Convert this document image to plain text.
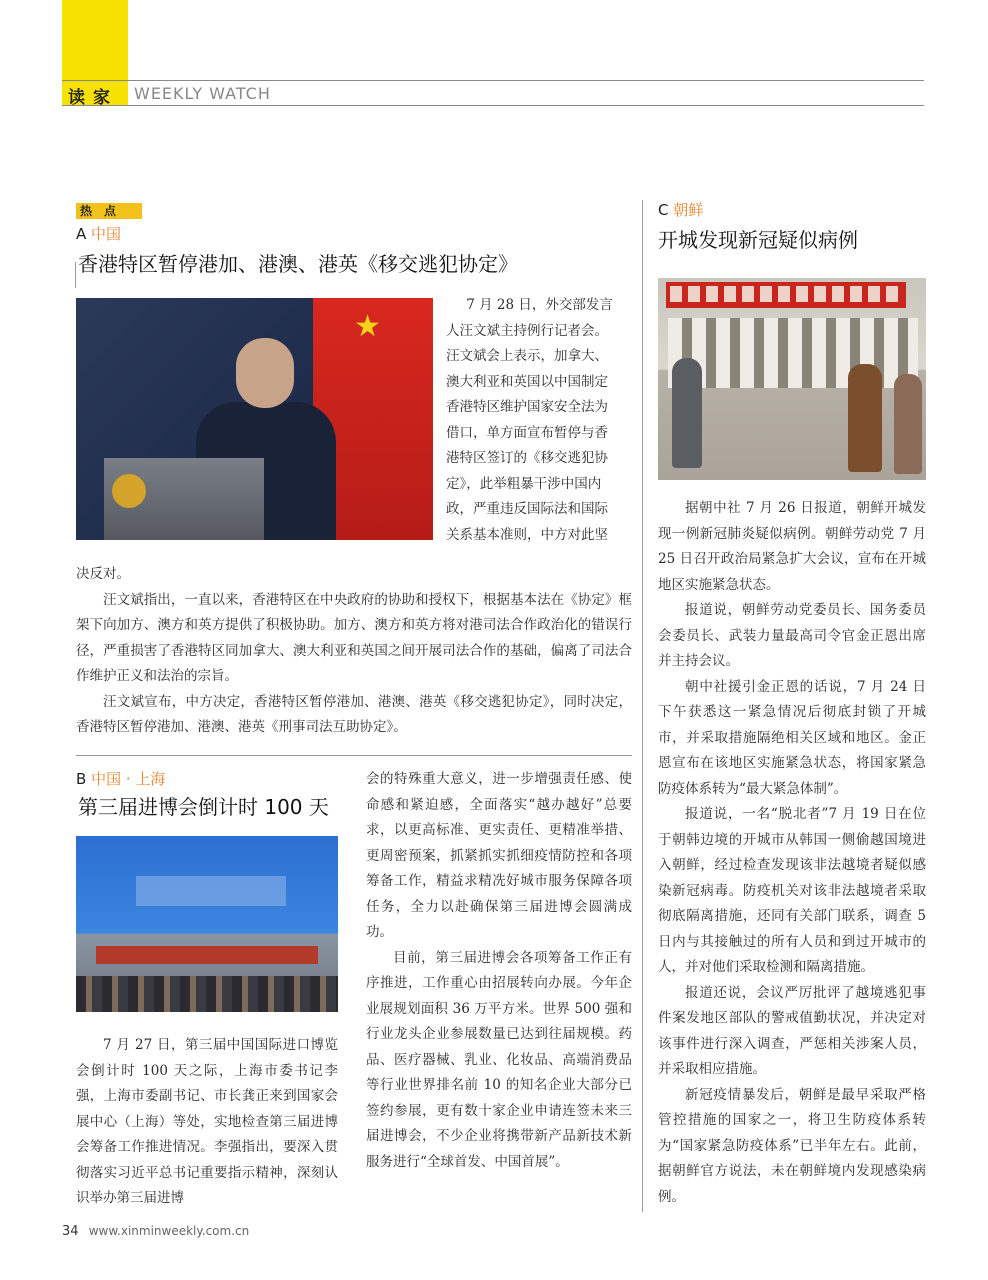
读家	WEEKLY WATCH
热点
A 中国
香港特区暂停港加、港澳、港英《移交逃犯协定》
★

7 月 28 日，外交部发言

人汪文斌主持例行记者会。

汪文斌会上表示，加拿大、

澳大利亚和英国以中国制定

香港特区维护国家安全法为

借口，单方面宣布暂停与香

港特区签订的《移交逃犯协

定》，此举粗暴干涉中国内

政，严重违反国际法和国际

关系基本准则，中方对此坚

决反对。

汪文斌指出，一直以来，香港特区在中央政府的协助和授权下，根据基本法在《协定》框架下向加方、澳方和英方提供了积极协助。加方、澳方和英方将对港司法合作政治化的错误行径，严重损害了香港特区同加拿大、澳大利亚和英国之间开展司法合作的基础，偏离了司法合作维护正义和法治的宗旨。

汪文斌宣布，中方决定，香港特区暂停港加、港澳、港英《移交逃犯协定》，同时决定，香港特区暂停港加、港澳、港英《刑事司法互助协定》。

B 中国 · 上海
第三届进博会倒计时 100 天

7 月 27 日，第三届中国国际进口博览会倒计时 100 天之际，上海市委书记李强，上海市委副书记、市长龚正来到国家会展中心（上海）等处，实地检查第三届进博会筹备工作推进情况。李强指出，要深入贯彻落实习近平总书记重要指示精神，深刻认识举办第三届进博

会的特殊重大意义，进一步增强责任感、使命感和紧迫感，全面落实“越办越好”总要求，以更高标准、更实责任、更精准举措、更周密预案，抓紧抓实抓细疫情防控和各项筹备工作，精益求精冼好城市服务保障各项任务，全力以赴确保第三届进博会圆满成功。

目前，第三届进博会各项筹备工作正有序推进，工作重心由招展转向办展。今年企业展规划面积 36 万平方米。世界 500 强和行业龙头企业参展数量已达到往届规模。药品、医疗器械、乳业、化妆品、高端消费品等行业世界排名前 10 的知名企业大部分已签约参展，更有数十家企业申请连签未来三届进博会，不少企业将携带新产品新技术新服务进行“全球首发、中国首展”。

C 朝鲜
开城发现新冠疑似病例

据朝中社 7 月 26 日报道，朝鲜开城发现一例新冠肺炎疑似病例。朝鲜劳动党 7 月 25 日召开政治局紧急扩大会议，宣布在开城地区实施紧急状态。

报道说，朝鲜劳动党委员长、国务委员会委员长、武装力量最高司令官金正恩出席并主持会议。

朝中社援引金正恩的话说，7 月 24 日下午获悉这一紧急情况后彻底封锁了开城市，并采取措施隔绝相关区域和地区。金正恩宣布在该地区实施紧急状态，将国家紧急防疫体系转为“最大紧急体制”。

报道说，一名“脱北者”7 月 19 日在位于朝韩边境的开城市从韩国一侧偷越国境进入朝鲜，经过检查发现该非法越境者疑似感染新冠病毒。防疫机关对该非法越境者采取彻底隔离措施，还同有关部门联系，调查 5 日内与其接触过的所有人员和到过开城市的人，并对他们采取检测和隔离措施。

报道还说，会议严厉批评了越境逃犯事件案发地区部队的警戒值勤状况，并决定对该事件进行深入调查，严惩相关涉案人员，并采取相应措施。

新冠疫情暴发后，朝鲜是最早采取严格管控措施的国家之一，将卫生防疫体系转为“国家紧急防疫体系”已半年左右。此前，据朝鲜官方说法，未在朝鲜境内发现感染病例。

34 www.xinminweekly.com.cn
